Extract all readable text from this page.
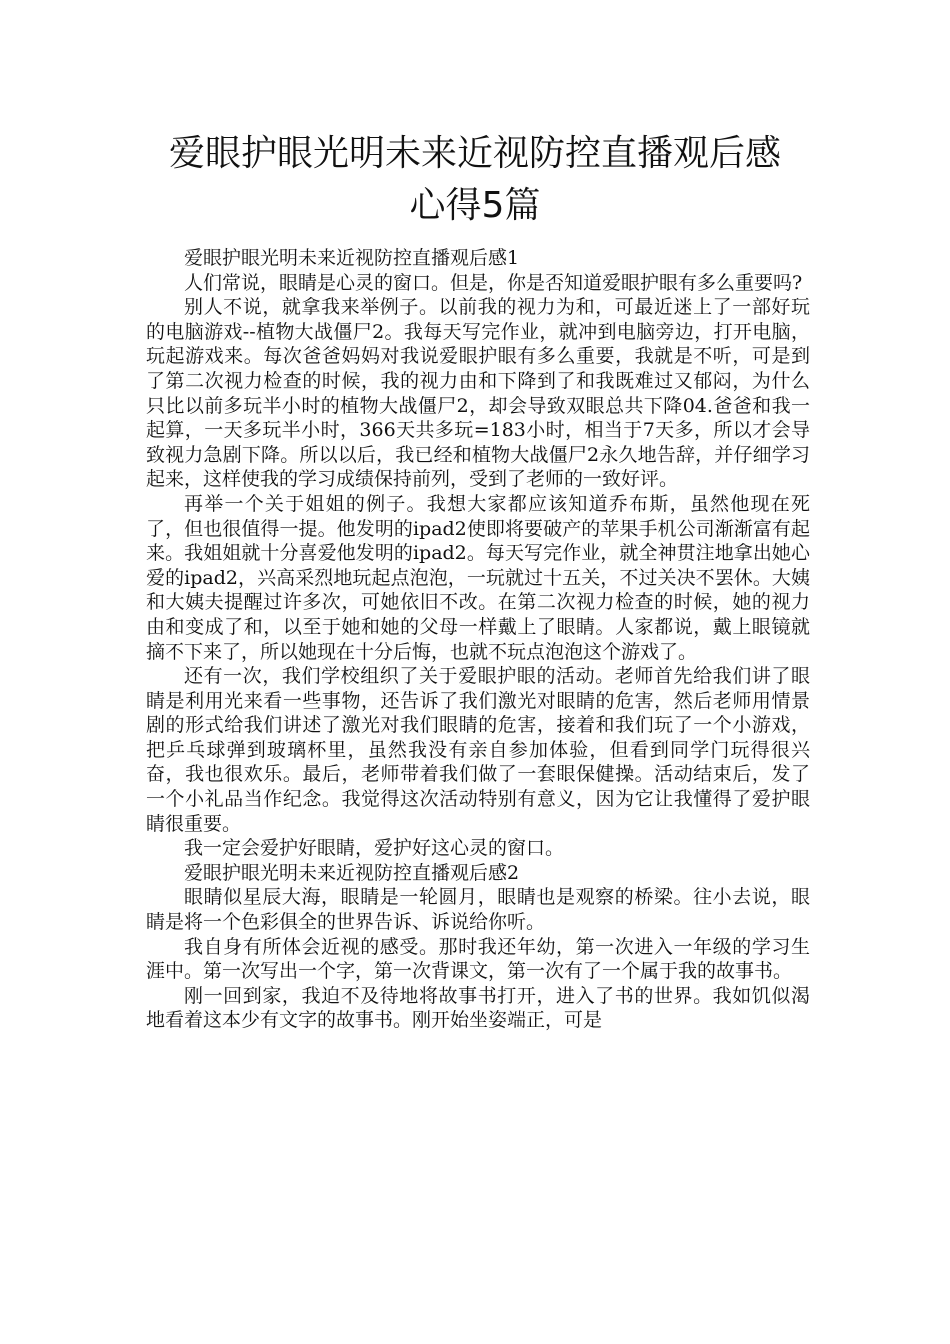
爱眼护眼光明未来近视防控直播观后感
心得5篇

爱眼护眼光明未来近视防控直播观后感1

人们常说，眼睛是心灵的窗口。但是，你是否知道爱眼护眼有多么重要吗?

别人不说，就拿我来举例子。以前我的视力为和，可最近迷上了一部好玩的电脑游戏--植物大战僵尸2。我每天写完作业，就冲到电脑旁边，打开电脑，玩起游戏来。每次爸爸妈妈对我说爱眼护眼有多么重要，我就是不听，可是到了第二次视力检查的时候，我的视力由和下降到了和我既难过又郁闷，为什么只比以前多玩半小时的植物大战僵尸2，却会导致双眼总共下降04.爸爸和我一起算，一天多玩半小时，366天共多玩=183小时，相当于7天多，所以才会导致视力急剧下降。所以以后，我已经和植物大战僵尸2永久地告辞，并仔细学习起来，这样使我的学习成绩保持前列，受到了老师的一致好评。

再举一个关于姐姐的例子。我想大家都应该知道乔布斯，虽然他现在死了，但也很值得一提。他发明的ipad2使即将要破产的苹果手机公司渐渐富有起来。我姐姐就十分喜爱他发明的ipad2。每天写完作业，就全神贯注地拿出她心爱的ipad2，兴高采烈地玩起点泡泡，一玩就过十五关，不过关决不罢休。大姨和大姨夫提醒过许多次，可她依旧不改。在第二次视力检查的时候，她的视力由和变成了和，以至于她和她的父母一样戴上了眼睛。人家都说，戴上眼镜就摘不下来了，所以她现在十分后悔，也就不玩点泡泡这个游戏了。

还有一次，我们学校组织了关于爱眼护眼的活动。老师首先给我们讲了眼睛是利用光来看一些事物，还告诉了我们激光对眼睛的危害，然后老师用情景剧的形式给我们讲述了激光对我们眼睛的危害，接着和我们玩了一个小游戏，把乒乓球弹到玻璃杯里，虽然我没有亲自参加体验，但看到同学门玩得很兴奋，我也很欢乐。最后，老师带着我们做了一套眼保健操。活动结束后，发了一个小礼品当作纪念。我觉得这次活动特别有意义，因为它让我懂得了爱护眼睛很重要。

我一定会爱护好眼睛，爱护好这心灵的窗口。

爱眼护眼光明未来近视防控直播观后感2

眼睛似星辰大海，眼睛是一轮圆月，眼睛也是观察的桥梁。往小去说，眼睛是将一个色彩俱全的世界告诉、诉说给你听。

我自身有所体会近视的感受。那时我还年幼，第一次进入一年级的学习生涯中。第一次写出一个字，第一次背课文，第一次有了一个属于我的故事书。

刚一回到家，我迫不及待地将故事书打开，进入了书的世界。我如饥似渴地看着这本少有文字的故事书。刚开始坐姿端正，可是
